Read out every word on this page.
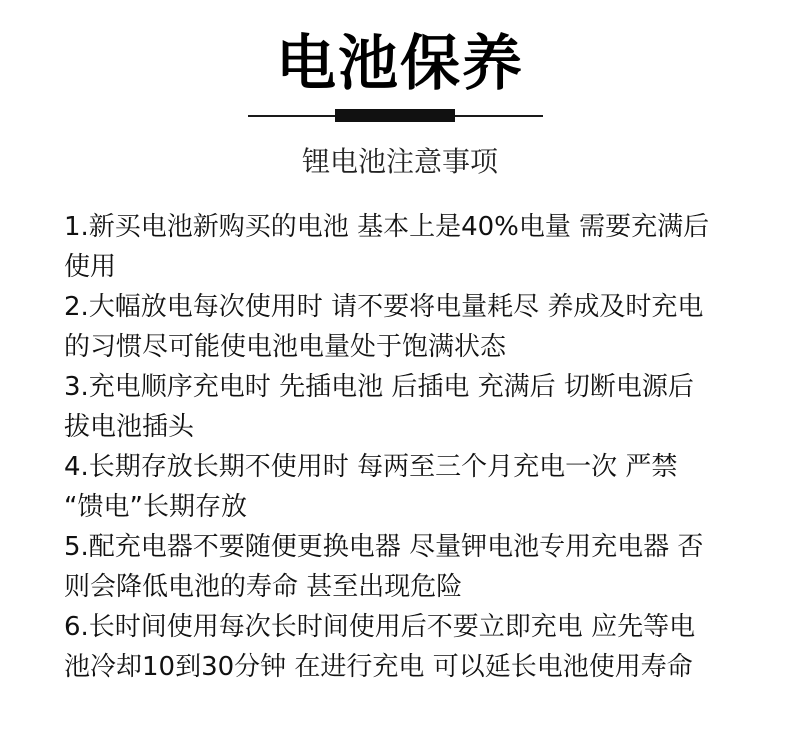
电池保养
锂电池注意事项
1.新买电池新购买的电池 基本上是40%电量 需要充满后
使用
2.大幅放电每次使用时 请不要将电量耗尽 养成及时充电
的习惯尽可能使电池电量处于饱满状态
3.充电顺序充电时 先插电池 后插电 充满后 切断电源后
拔电池插头
4.长期存放长期不使用时 每两至三个月充电一次 严禁
“馈电”长期存放
5.配充电器不要随便更换电器 尽量钾电池专用充电器 否
则会降低电池的寿命 甚至出现危险
6.长时间使用每次长时间使用后不要立即充电 应先等电
池冷却10到30分钟 在进行充电 可以延长电池使用寿命
